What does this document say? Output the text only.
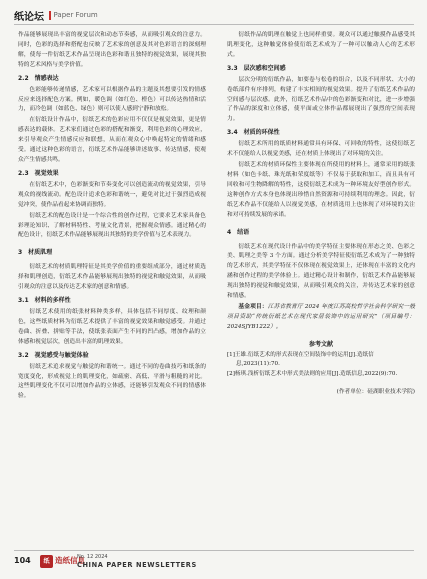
纸论坛 Paper Forum

作品能够展现出丰富的视觉层次和动态节奏感，从而吸引观众的注意力。同时，色彩的选择和搭配也反映了艺术家的创意及其对色彩语言的深刻理解，使每一件衍纸艺术作品呈现出色彩和谐且独特的视觉效果，展现其独特的艺术风格与美学价值。

2.2　情感表达

色彩能够传递情感，艺术家可以根据作品的主题及其想要引发的情感反应来选择配色方案。例如，暖色调（如红色、橙色）可以传达热情和活力，而冷色调（如蓝色、绿色）则可以使人感到宁静和放松。

在衍纸设计作品中，衍纸艺术的色彩应用不仅仅是视觉效果，更是情感表达的载体。艺术家们通过色彩的搭配和渐变，利用色彩的心理效应，来引导观众产生情感反应和联想，从而在观众心中唤起特定的情绪和感受。通过这种色彩的语言，衍纸艺术作品能够讲述故事、传达情感，使观众产生情感共鸣。

2.3　视觉效果

在衍纸艺术中，色彩渐变和节奏变化可以创造流动的视觉效果，引导观众的视线流动。配色设计追求色彩和谐统一，避免对比过于强烈造成视觉冲突，使作品看起来协调而独特。

衍纸艺术的配色设计是一个综合性的创作过程，它要求艺术家具备色彩理论知识、了解材料特性、考量文化背景，把握观众情感。通过精心的配色设计，衍纸艺术作品能够展现出其独特的美学价值与艺术表现力。

3　材质肌理

衍纸艺术的材质肌理特征是其美学价值的重要组成部分，通过材质选择和肌理创造，衍纸艺术作品能够展现出独特的视觉和触觉效果，从而吸引观众的注意以及传达艺术家的创意和情感。

3.1　材料的多样性

衍纸艺术使用的纸张材料种类多样，具体包括不同厚度、纹理和颜色，这些纸质材料为衍纸艺术提供了丰富的视觉效果和触觉感受。并通过卷曲、折叠、拼贴等手法，使纸张表面产生不同的凹凸感，增加作品的立体感和视觉层次，创造出丰富的肌理效果。

3.2　视觉感受与触觉体验

衍纸艺术追求视觉与触觉的和谐统一。通过不同的卷曲技巧和纸条的宽度变化，形成视觉上的肌理变化，如疏密、高低、平滑与粗糙的对比。这些肌理变化不仅可以增加作品的立体感，还能够引发观众不同的情感体验。

衍纸作品的肌理在触觉上也同样重要。观众可以通过触摸作品感受其肌理变化，这种触觉体验使衍纸艺术成为了一种可以触动人心的艺术形式。

3.3　层次感和空间感

层次分明的衍纸作品，如要卷与松卷的组合，以及不同形状、大小的卷纸部件有序排列，构建了丰实相间的视觉效果。提升了衍纸艺术作品的空间感与层次感。此外，衍纸艺术作品中的色彩渐变和对比，进一步增强了作品的深度和立体感，使平面或立体作品都展现出了强烈的空间表现力。

3.4　材质的环保性

衍纸艺术所用的纸质材料通常具有环保、可回收的特性，这使衍纸艺术不仅能给人以视觉美感，还在材质上体现出了对环境的关注。

衍纸艺术的材质环保性主要体现在所使用的材料上，通常采用的纸张材料（如色卡纸、珠光纸和荣度纸等）不仅易于获取和加工，而且具有可回收和可生物降解的特性，这使衍纸艺术成为一种环境友好型创作形式。这种创作方式本身也体现出珍惜自然资源和可持续利用的理念。因此，衍纸艺术作品不仅能给人以视觉美感，在材质选用上也体现了对环境的关注和对可持续发展的承诺。

4　结语

衍纸艺术在现代设计作品中的美学特征主要体现在形态之美、色彩之美、肌理之美等 3 个方面。通过分析美学特征使衍纸艺术成为了一种独特的艺术形式，其美学特征不仅体现在视觉效果上，还体现在丰富的文化内涵和创作过程的美学体验上。通过精心设计和制作，衍纸艺术作品能够展现出独特的视觉和触觉效果，从而吸引观众的关注，并传达艺术家的创意和情感。

基金项目：江苏省教育厅 2024 年度江苏高校哲学社会科学研究一般项目资助“传统衍纸艺术在现代家居装饰中的运用研究”（项目编号：2024SJYB1222）。

参考文献

[1]王雄.衍纸艺术的形式表现在空间装饰中的运用[J].造纸信息,2023(11):70.

[2]杨琪.浅析衍纸艺术中形式美法则的应用[J].造纸信息,2022(9):70.

(作者单位：硅湖职业技术学院)
104	纸 造纸信息
No. 12 2024
CHINA PAPER NEWSLETTERS
